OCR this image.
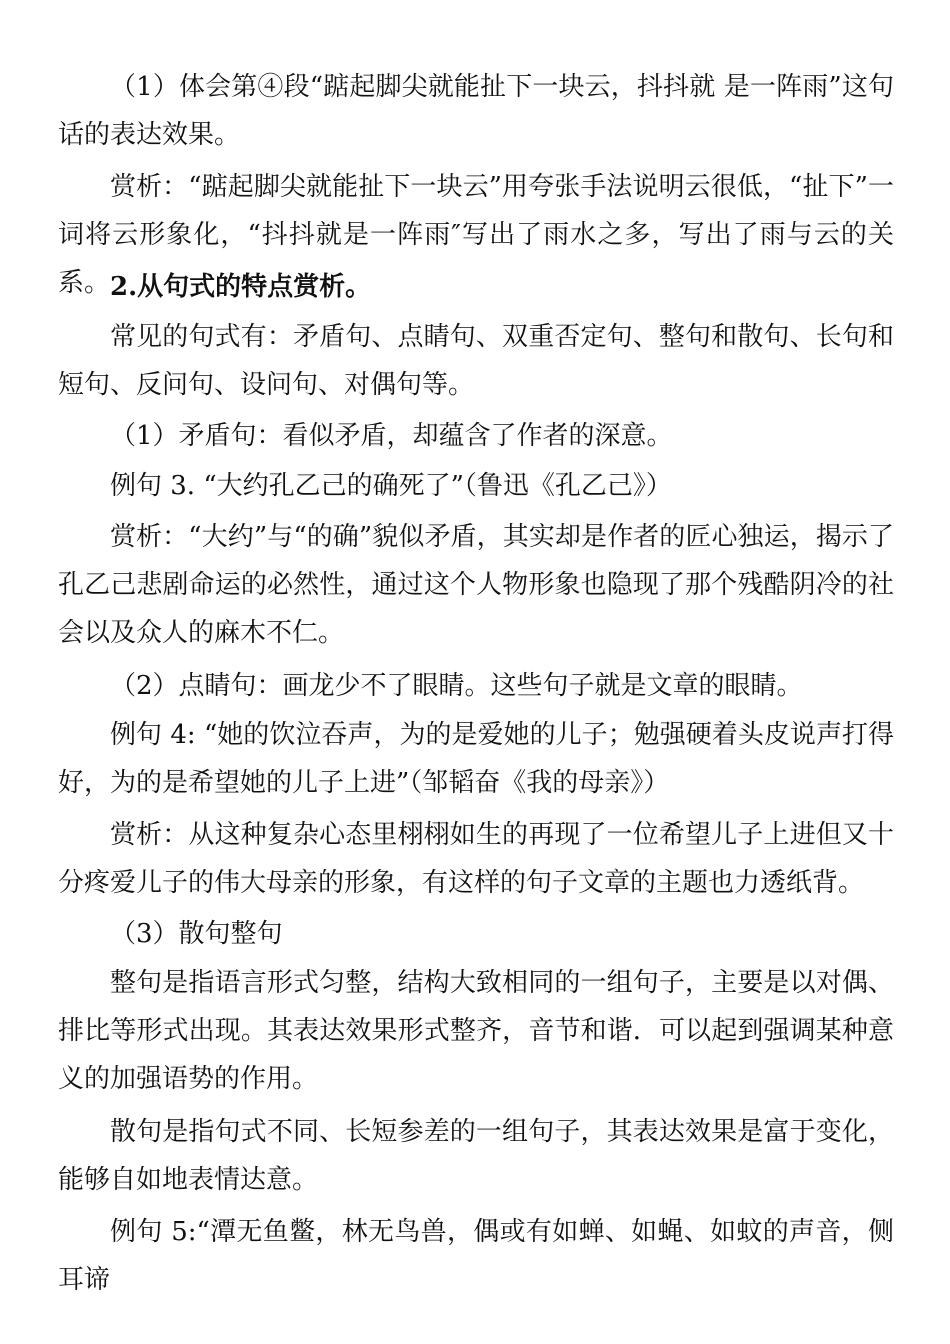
（1）体会第④段“踮起脚尖就能扯下一块云，抖抖就 是一阵雨”这句话的表达效果。

赏析：“踮起脚尖就能扯下一块云”用夸张手法说明云很低，“扯下”一词将云形象化，“抖抖就是一阵雨″写出了雨水之多，写出了雨与云的关系。 2.从句式的特点赏析。

常见的句式有：矛盾句、点睛句、双重否定句、整句和散句、长句和短句、反问句、设问句、对偶句等。

（1）矛盾句：看似矛盾，却蕴含了作者的深意。

例句 3. “大约孔乙己的确死了”（鲁迅《孔乙己》）

赏析：“大约”与“的确”貌似矛盾，其实却是作者的匠心独运，揭示了孔乙己悲剧命运的必然性，通过这个人物形象也隐现了那个残酷阴冷的社会以及众人的麻木不仁。

（2）点睛句：画龙少不了眼睛。这些句子就是文章的眼睛。

例句 4: “她的饮泣吞声，为的是爱她的儿子；勉强硬着头皮说声打得好，为的是希望她的儿子上进”（邹韬奋《我的母亲》）

赏析：从这种复杂心态里栩栩如生的再现了一位希望儿子上进但又十分疼爱儿子的伟大母亲的形象，有这样的句子文章的主题也力透纸背。

（3）散句整句

整句是指语言形式匀整，结构大致相同的一组句子，主要是以对偶、排比等形式出现。其表达效果形式整齐，音节和谐．可以起到强调某种意义的加强语势的作用。

散句是指句式不同、长短参差的一组句子，其表达效果是富于变化，能够自如地表情达意。

例句 5:“潭无鱼鳖，林无鸟兽，偶或有如蝉、如蝇、如蚊的声音，侧耳谛
